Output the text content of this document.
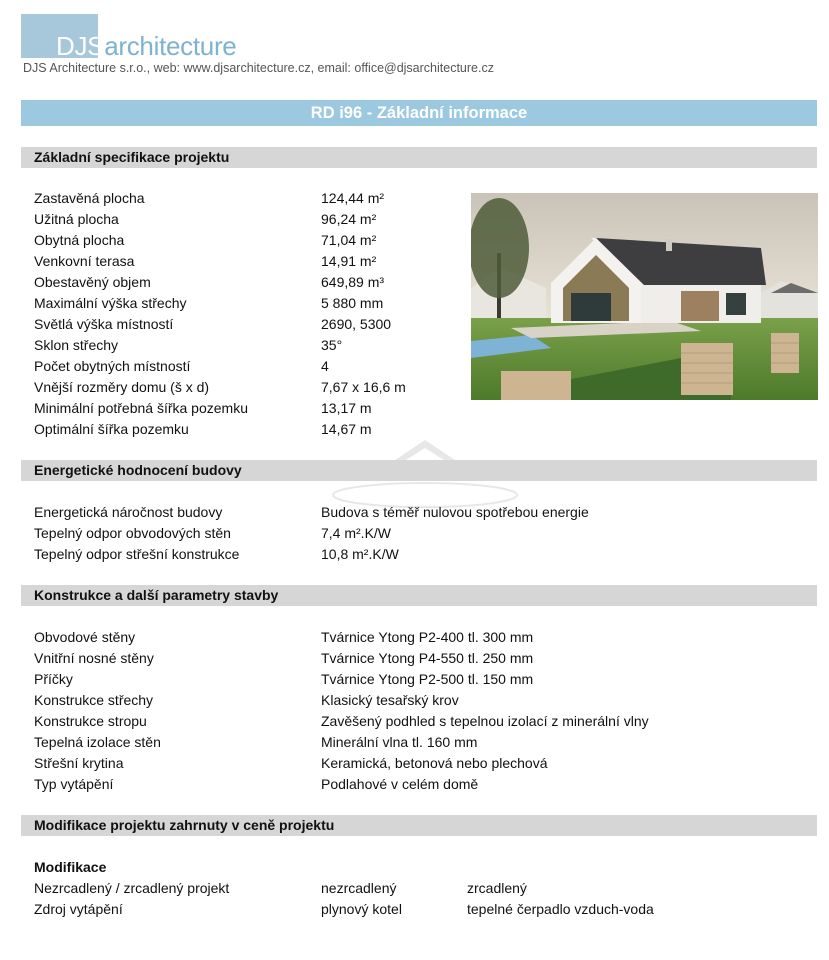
DJSarchitecture
DJS Architecture s.r.o., web: www.djsarchitecture.cz, email: office@djsarchitecture.cz
RD i96 - Základní informace
Základní specifikace projektu
Zastavěná plocha	124,44 m²
Užitná plocha	96,24 m²
Obytná plocha	71,04 m²
Venkovní terasa	14,91 m²
Obestavěný objem	649,89 m³
Maximální výška střechy	5 880 mm
Světlá výška místností	2690, 5300
Sklon střechy	35°
Počet obytných místností	4
Vnější rozměry domu (š x d)	7,67 x 16,6 m
Minimální potřebná šířka pozemku	13,17 m
Optimální šířka pozemku	14,67 m
Energetické hodnocení budovy
Energetická náročnost budovy	Budova s téměř nulovou spotřebou energie
Tepelný odpor obvodových stěn	7,4 m².K/W
Tepelný odpor střešní konstrukce	10,8 m².K/W
Konstrukce a další parametry stavby
Obvodové stěny	Tvárnice Ytong P2-400 tl. 300 mm
Vnitřní nosné stěny	Tvárnice Ytong P4-550 tl. 250 mm
Příčky	Tvárnice Ytong P2-500 tl. 150 mm
Konstrukce střechy	Klasický tesařský krov
Konstrukce stropu	Zavěšený podhled s tepelnou izolací z minerální vlny
Tepelná izolace stěn	Minerální vlna tl. 160 mm
Střešní krytina	Keramická, betonová nebo plechová
Typ vytápění	Podlahové v celém domě
Modifikace projektu zahrnuty v ceně projektu
Modifikace
Nezrcadlený / zrcadlený projekt	nezrcadlený	zrcadlený
Zdroj vytápění	plynový kotel	tepelné čerpadlo vzduch-voda
